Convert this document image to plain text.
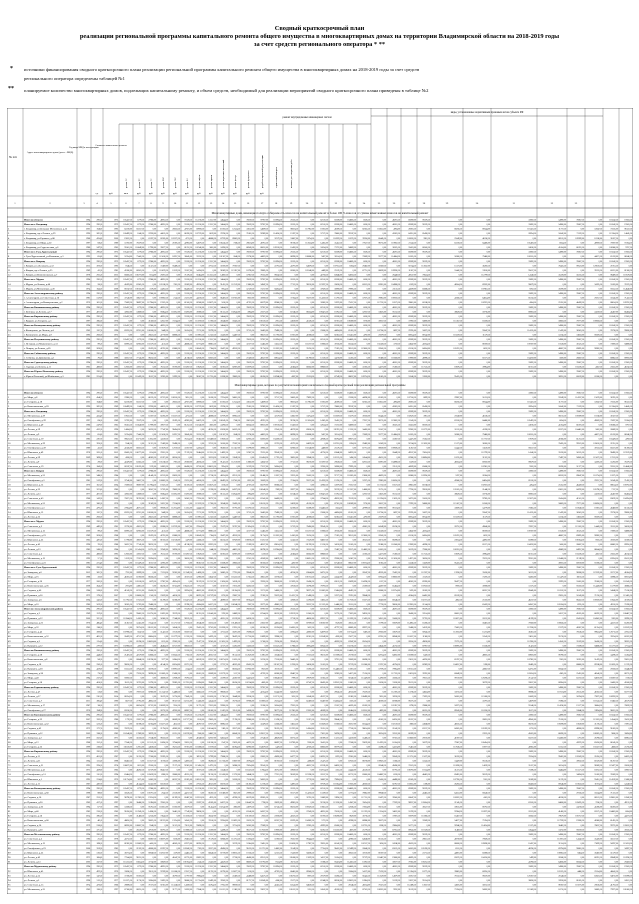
Сводный краткосрочный план
реализации региональной программы капитального ремонта общего имущества в многоквартирных домах на территории Владимирской области на 2018-2019 годы
за счет средств регионального оператора * **
* источники финансирования сводного краткосрочного плана реализации региональной программы капитального ремонта общего имущества в многоквартирных домах на 2018-2019 годы за счет средств
регионального оператора определены таблицей №1
** планируемое количество многоквартирных домов, подлежащих капитальному ремонту, и объем средств, необходимый для реализации мероприятий сводного краткосрочного плана приведены в таблице №2
№ п/п
Адрес многоквартирного дома (далее - МКД)
Год ввода МКД в эксплуатацию
Стоимость капитального ремонта
ремонт внутридомовых инженерных систем
виды, установленные нормативным правовым актом субъекта РФ
ремонт ЭС	ремонт ТС	ремонт ГС	ремонт ХВС	ремонт ГВС	ремонт ВО	ремонт лифтов	ремонт крыши	ремонт подвальных помещений	ремонт фасада	ремонт фундамента	разработка проектной документации	строительный контроль	плановая дата завершения работ
ед.	руб.	кв.м	руб.	руб.	руб.	руб.	руб.	руб.	руб.	руб.	руб.	руб.	руб.
1	2	3	4	5	6	7	8	9	10	11	12	13	14	15	16	17	18	19	20	21	22	23	24	25	26	27	28	29	30	31	32	33
Многоквартирные дома, имеющие полную собираемость взносов на капитальный ремонт и более 100 % взносов от суммы начисленных взносов на капитальный ремонт
Итого по области	1994	2903,0	1973 105437,50 6778,50 27866,00 48953,50	0,00 91128,50 112216,00 13557,00 34644,50	0,00	76819,50	97907,00 118994,50	20335,50	0,00	62510,50	83598,00 104685,50	6026,50	0,00	48201,50	69289,00	90376,50	0,00	0,00	33892,50	54980,00	76067,50	0,00	118242,50	19583,50
Итого по г. Владимир	1994	2903,0	1973 105437,50 6778,50 27866,00 48953,50	0,00 91128,50 112216,00 13557,00 34644,50	0,00	76819,50	97907,00 118994,50	20335,50	0,00	62510,50	83598,00 104685,50	6026,50	0,00	48201,50	69289,00	90376,50	0,00	0,00	33892,50	54980,00	76067,50	0,00	118242,50	19583,50
2	г. Владимир, ул.Большая Московская, д.12	2001	1048,0	1993	62230,00 83317,50	0,00	0,00 26833,50 47921,00 69008,50	0,00 111183,50 12524,50	33612,00	54699,50	0,00	96874,50	117962,00	19303,00	40390,50	0,00	82565,50	103653,00	4994,00	26081,50	0,00	68256,50	89344,00	110431,50	11772,50	0,00	53947,50	75035,00	96122,50
3	г. Владимир, пр-т Ленина, д.39	1990	2691,0	1969 100499,50 1840,50 22928,00 44015,50	0,00 86190,50 107278,00 8619,00 29706,50	0,00	71881,50	92969,00 114056,50	15397,50	0,00	57572,50	78660,00	99747,50	0,00	0,00	43263,50	64351,00	85438,50	0,00	0,00	28954,50	50042,00	71129,50	0,00	113304,50	14645,50
4	г. Владимир, ул.Горького, д.80	1966	4334,0	2000	19022,50	0,00 61197,50 82285,00 103372,50 4713,50	0,00 46888,50 67976,00 89063,50	0,00	0,00	32579,50	53667,00	74754,50	0,00 116929,50	18270,50	39358,00	60445,50	0,00	102620,50	3961,50	25049,00	46136,50	0,00	88311,50	109399,00	10740,00	31827,50	0,00
5	г. Владимир, ул.Мира, д.30	1997	836,0	1989	57292,00 78379,50	0,00	0,00 21895,50 42983,00 64070,50	0,00 106245,50 7586,50	28674,00	49761,50	0,00	91936,50	113024,00	14365,00	35452,50	0,00	77627,50	98715,00 119802,50	21143,50	0,00	63318,50	84406,00	105493,50	6834,50	0,00	49009,50	70097,00	91184,50
6	г. Владимир, ул.Студенческая, д.6	1986	2479,0	1965	95561,50 116649,00 17990,00 39077,50	0,00 81252,50 102340,00 3681,00 24768,50	0,00	66943,50	88031,00 109118,50	10459,50	0,00	52634,50	73722,00	94809,50	0,00	0,00	38325,50	59413,00	80500,50	0,00	0,00	24016,50	45104,00	66191,50	0,00	108366,50	9707,50
Итого по г. Гусь-Хрустальный	1994	2903,0	1973 105437,50 6778,50 27866,00 48953,50	0,00 91128,50 112216,00 13557,00 34644,50	0,00	76819,50	97907,00 118994,50	20335,50	0,00	62510,50	83598,00 104685,50	6026,50	0,00	48201,50	69289,00	90376,50	0,00	0,00	33892,50	54980,00	76067,50	0,00	118242,50	19583,50
8	г. Гусь-Хрустальный, ул.Калинина, д.3	1993	624,0	1985	52354,00 73441,50	0,00 115616,50 16957,50 38045,00 59132,50	0,00 101307,50 2648,50	23736,00	44823,50	0,00	86998,50	108086,00	9427,00	30514,50	0,00	72689,50	93777,00 114864,50	16205,50	0,00	58380,50	79468,00	100555,50	0,00	0,00	44071,50	65159,00	86246,50
Итого по г. Коврову	1994	2903,0	1973 105437,50 6778,50 27866,00 48953,50	0,00 91128,50 112216,00 13557,00 34644,50	0,00	76819,50	97907,00 118994,50	20335,50	0,00	62510,50	83598,00 104685,50	6026,50	0,00	48201,50	69289,00	90376,50	0,00	0,00	33892,50	54980,00	76067,50	0,00	118242,50	19583,50
10	г. Ковров, ул.Абельмана, д.12	2013	3910,0	1992	9146,50	0,00 51321,50 72409,00 93496,50	0,00	0,00 37012,50 58100,00 79187,50	0,00	0,00	22703,50	43791,00	64878,50	0,00 107053,50	8394,50	29482,00	50569,50	0,00	92744,50 113832,00	15173,00	36260,50	0,00	78435,50	99523,00	120610,50	21951,50	0,00
11	г. Ковров, пр-т Ленина, д.25	1989	412,0	1981	47416,00 68503,50	0,00 110678,50 12019,50 33107,00 54194,50	0,00 96369,50 117457,00	18798,00	39885,50	0,00	82060,50	103148,00	4489,00	25576,50	0,00	67751,50	88839,00 109926,50	11267,50	0,00	53442,50	74530,00	95617,50	0,00	0,00	39133,50	60221,00	81308,50
12	г. Ковров, ул.Комсомольская, д.7	1978	2055,0	2012	85685,50 106773,00	8114,00 29201,50	0,00 71376,50 92464,00 113551,50 14892,50	0,00	57067,50	78155,00	99242,50	0,00	0,00	42758,50	63846,00	84933,50	0,00	0,00	28449,50	49537,00	70624,50	0,00	112799,50	14140,50	35228,00	56315,50	0,00	98490,50 119578,00
Итого по г. Муром	1994	2903,0	1973 105437,50 6778,50 27866,00 48953,50	0,00 91128,50 112216,00 13557,00 34644,50	0,00	76819,50	97907,00 118994,50	20335,50	0,00	62510,50	83598,00 104685,50	6026,50	0,00	48201,50	69289,00	90376,50	0,00	0,00	33892,50	54980,00	76067,50	0,00	118242,50	19583,50
14	г. Муром, ул.Ленина, д.40	1985	200,0	1977	42478,00 63565,50	0,00 105740,50 7081,50 28169,00 49256,50	0,00 91431,50 112519,00	13860,00	34947,50	0,00	77122,50	98210,00 119297,50	20638,50	0,00	62813,50	83901,00 104988,50	6329,50	0,00	48504,50	69592,00	90679,50	0,00	0,00	34195,50	55283,00	76370,50
15	г. Муром, ул.Московская, д.20	1974	1843,0	2008	80747,50 101835,00 3176,00 24263,50	0,00 66438,50 87526,00 108613,50 9954,50	0,00	52129,50	73217,00	94304,50	0,00	0,00	37820,50	58908,00	79995,50	0,00	0,00	23511,50	44599,00	65686,50	0,00	107861,50	9202,50	30290,00	51377,50	0,00	93552,50 114640,00
Итого по Александровскому району	1994	2903,0	1973 105437,50 6778,50 27866,00 48953,50	0,00 91128,50 112216,00 13557,00 34644,50	0,00	76819,50	97907,00 118994,50	20335,50	0,00	62510,50	83598,00 104685,50	6026,50	0,00	48201,50	69289,00	90376,50	0,00	0,00	33892,50	54980,00	76067,50	0,00	118242,50	19583,50
17	г. Александров, ул.Советская, д.10	1981	5129,0	1973	37540,00 58627,50	0,00 100802,50 2143,50 23231,00 44318,50	0,00 86493,50 107581,00	8922,00	30009,50	0,00	72184,50	93272,00 114359,50	15700,50	0,00	57875,50	78963,00 100050,50	0,00	0,00	43566,50	64654,00	85741,50	0,00	0,00	29257,50	50345,00	71432,50
18	г. Александров, ул.Кольчугинская, д.2	1970	1631,0	2004	75809,50 96897,00 117984,50 19325,50	0,00 61500,50 82588,00 103675,50 5016,50	0,00	47191,50	68279,00	89366,50	0,00	0,00	32882,50	53970,00	75057,50	0,00	117232,50	18573,50	39661,00	60748,50	0,00	102923,50	4264,50	25352,00	46439,50	0,00	88614,50 109702,00
Итого по Вязниковскому району	1994	2903,0	1973 105437,50 6778,50 27866,00 48953,50	0,00 91128,50 112216,00 13557,00 34644,50	0,00	76819,50	97907,00 118994,50	20335,50	0,00	62510,50	83598,00 104685,50	6026,50	0,00	48201,50	69289,00	90376,50	0,00	0,00	33892,50	54980,00	76067,50	0,00	118242,50	19583,50
20	г. Вязники, ул.Ленина, д.17	1977	4917,0	1969	32602,00 53689,50	0,00 95864,50 116952,00 18293,00 39380,50	0,00 81555,50 102643,00	3984,00	25071,50	0,00	67246,50	88334,00 109421,50	10762,50	0,00	52937,50	74025,00	95112,50	0,00	0,00	38628,50	59716,00	80803,50	0,00	0,00	24319,50	45407,00	66494,50
Итого по Киржачскому району	1994	2903,0	1973 105437,50 6778,50 27866,00 48953,50	0,00 91128,50 112216,00 13557,00 34644,50	0,00	76819,50	97907,00 118994,50	20335,50	0,00	62510,50	83598,00 104685,50	6026,50	0,00	48201,50	69289,00	90376,50	0,00	0,00	33892,50	54980,00	76067,50	0,00	118242,50	19583,50
22	г. Киржач, ул.Гагарина, д.5	1997	3062,0	1976	0,00	0,00 31569,50 52657,00 73744,50	0,00 115919,50 17260,50 38348,00 59435,50	0,00 101610,50	2951,50	24039,00	45126,50	0,00	87301,50 108389,00	9730,00	30817,50	0,00	72992,50	94080,00	115167,50	16508,50	0,00	58683,50	79771,00	100858,50	0,00	0,00
Итого по Кольчугинскому району	1994	2903,0	1973 105437,50 6778,50 27866,00 48953,50	0,00 91128,50 112216,00 13557,00 34644,50	0,00	76819,50	97907,00 118994,50	20335,50	0,00	62510,50	83598,00 104685,50	6026,50	0,00	48201,50	69289,00	90376,50	0,00	0,00	33892,50	54980,00	76067,50	0,00	118242,50	19583,50
24	г. Кольчугино, ул.Ленина, д.4	1962	1207,0	1996	65933,50 87021,00 108108,50 9449,50	0,00 51624,50 72712,00 93799,50	0,00	0,00	37315,50	58403,00	79490,50	0,00	0,00	23006,50	44094,00	65181,50	0,00	107356,50	8697,50	29785,00	50872,50	0,00	93047,50	114135,00	15476,00	36563,50	0,00	78738,50	99826,00
25	г. Кольчугино, ул.Мира, д.9	1993	2850,0	1972	0,00	0,00 26631,50 47719,00 68806,50	0,00 110981,50 12322,50 33410,00 54497,50	0,00	96672,50 117760,00	19101,00	40188,50	0,00	82363,50 103451,00	4792,00	25879,50	0,00	68054,50	89142,00	110229,50	11570,50	0,00	53745,50	74833,00	95920,50	0,00	0,00
Итого по Петушинскому району	1994	2903,0	1973 105437,50 6778,50 27866,00 48953,50	0,00 91128,50 112216,00 13557,00 34644,50	0,00	76819,50	97907,00 118994,50	20335,50	0,00	62510,50	83598,00 104685,50	6026,50	0,00	48201,50	69289,00	90376,50	0,00	0,00	33892,50	54980,00	76067,50	0,00	118242,50	19583,50
27	г. Петушки, ул.Маяковского, д.13	2000	995,0	1992	60995,50 82083,00 103170,50	4511,50	0,00 46686,50 67774,00 88861,50	0,00	0,00	32377,50	53465,00	74552,50	0,00	116727,50	18068,50	39156,00	60243,50	0,00	102418,50	3759,50	24847,00	45934,50	0,00	88109,50	109197,00	10538,00	31625,50	0,00	73800,50	94888,00
28	г. Покров, ул.Ленина, д.85	1989	2638,0	1968	0,00	0,00 21693,50 42781,00 63868,50	0,00 106043,50 7384,50 28472,00 49559,50	0,00	91734,50 112822,00	14163,00	35250,50	0,00	77425,50	98513,00 119600,50	20941,50	0,00	63116,50	84204,00	105291,50	6632,50	0,00	48807,50	69895,00	90982,50	0,00	0,00
Итого по Собинскому району	1994	2903,0	1973 105437,50 6778,50 27866,00 48953,50	0,00 91128,50 112216,00 13557,00 34644,50	0,00	76819,50	97907,00 118994,50	20335,50	0,00	62510,50	83598,00 104685,50	6026,50	0,00	48201,50	69289,00	90376,50	0,00	0,00	33892,50	54980,00	76067,50	0,00	118242,50	19583,50
30	г. Собинка, ул.Димитрова, д.1	1996	783,0	1988	56057,50 77145,00 98232,50	0,00	0,00 41748,50 62836,00 83923,50	0,00	0,00	27439,50	48527,00	69614,50	0,00	111789,50	13130,50	34218,00	55305,50	0,00	97480,50 118568,00	19909,00	40996,50	0,00	83171,50	104259,00	5600,00	26687,50	0,00	68862,50	89950,00
Итого по Судогодскому району	1994	2903,0	1973 105437,50 6778,50 27866,00 48953,50	0,00 91128,50 112216,00 13557,00 34644,50	0,00	76819,50	97907,00 118994,50	20335,50	0,00	62510,50	83598,00 104685,50	6026,50	0,00	48201,50	69289,00	90376,50	0,00	0,00	33892,50	54980,00	76067,50	0,00	118242,50	19583,50
32	г. Судогда, ул.Ленина, д.11	1961	4069,0	1995	12850,00 33937,50	0,00 76112,50 97200,00 118287,50 19628,50	0,00 61803,50 82891,00 103978,50	5319,50	0,00	47494,50	68582,00	89669,50	0,00	0,00	33185,50	54273,00	75360,50	0,00 117535,50	18876,50	39964,00	61051,50	0,00	103226,50	4567,50	25655,00	46742,50
Итого по Юрьев-Польскому району	1994	2903,0	1973 105437,50 6778,50 27866,00 48953,50	0,00 91128,50 112216,00 13557,00 34644,50	0,00	76819,50	97907,00 118994,50	20335,50	0,00	62510,50	83598,00 104685,50	6026,50	0,00	48201,50	69289,00	90376,50	0,00	0,00	33892,50	54980,00	76067,50	0,00	118242,50	19583,50
34	г. Юрьев-Польский, ул.Шибанкова, д.3	1981	2214,0	1960	0,00 110476,50 11817,50 32905,00 53992,50	0,00 96167,50 117255,00 18596,00 39683,50	0,00	81858,50 102946,00	4287,00	25374,50	0,00	67549,50	88637,00 109724,50	11065,50	0,00	53240,50	74328,00	95415,50	0,00	0,00	38931,50	60019,00	81106,50	0,00	0,00
Многоквартирные дома, которые по результатам мониторинга включены в сводный краткосрочный план реализации региональной программы
Итого по области	1994	2903,0	1973 105437,50 6778,50 27866,00 48953,50	0,00 91128,50 112216,00 13557,00 34644,50	0,00	76819,50	97907,00 118994,50	20335,50	0,00	62510,50	83598,00 104685,50	6026,50	0,00	48201,50	69289,00	90376,50	0,00	0,00	33892,50	54980,00	76067,50	0,00	118242,50	19583,50
1	ул. Мира, д.8	1970	4546,0	1962	23960,50	0,00 66135,50 87223,00 108310,50 9651,50	0,00 51826,50 72914,00 94001,50	0,00	0,00	37517,50	58605,00	79692,50	0,00	0,00	23208,50	44296,00	65383,50	0,00	107558,50	8899,50	29987,00	51074,50	0,00	93249,50	114337,00	15678,00	36765,50	0,00
2	ул. Гагарина, д.18	2001	1048,0	1993	62230,00 83317,50	0,00	0,00 26833,50 47921,00 69008,50	0,00 111183,50 12524,50	33612,00	54699,50	0,00	96874,50	117962,00	19303,00	40390,50	0,00	82565,50	103653,00	4994,00	26081,50	0,00	68256,50	89344,00	110431,50	11772,50	0,00	53947,50	75035,00	96122,50
3	ул. Комсомольская, д.28	1990	2691,0	1969 100499,50 1840,50 22928,00 44015,50	0,00 86190,50 107278,00 8619,00 29706,50	0,00	71881,50	92969,00 114056,50	15397,50	0,00	57572,50	78660,00	99747,50	0,00	0,00	43263,50	64351,00	85438,50	0,00	0,00	28954,50	50042,00	71129,50	0,00	113304,50	14645,50
Итого по г. Владимир	1994	2903,0	1973 105437,50 6778,50 27866,00 48953,50	0,00 91128,50 112216,00 13557,00 34644,50	0,00	76819,50	97907,00 118994,50	20335,50	0,00	62510,50	83598,00 104685,50	6026,50	0,00	48201,50	69289,00	90376,50	0,00	0,00	33892,50	54980,00	76067,50	0,00	118242,50	19583,50
4	ул. Московская, д.29	1966	4334,0	2000	19022,50	0,00 61197,50 82285,00 103372,50 4713,50	0,00 46888,50 67976,00 89063,50	0,00	0,00	32579,50	53667,00	74754,50	0,00 116929,50	18270,50	39358,00	60445,50	0,00	102620,50	3961,50	25049,00	46136,50	0,00	88311,50	109399,00	10740,00	31827,50	0,00
5	ул. Октябрьская, д.39	1997	836,0	1989	57292,00 78379,50	0,00	0,00 21895,50 42983,00 64070,50	0,00 106245,50 7586,50	28674,00	49761,50	0,00	91936,50	113024,00	14365,00	35452,50	0,00	77627,50	98715,00 119802,50	21143,50	0,00	63318,50	84406,00	105493,50	6834,50	0,00	49009,50	70097,00	91184,50
6	ул. Школьная, д.49	1986	2479,0	1965	95561,50 116649,00 17990,00 39077,50	0,00 81252,50 102340,00 3681,00 24768,50	0,00	66943,50	88031,00 109118,50	10459,50	0,00	52634,50	73722,00	94809,50	0,00	0,00	38325,50	59413,00	80500,50	0,00	0,00	24016,50	45104,00	66191,50	0,00	108366,50	9707,50
7	ул. Лесная, д.59	1962	4122,0	1996	14084,50	0,00 56259,50 77347,00 98434,50	0,00	0,00 41950,50 63038,00 84125,50	0,00	0,00	27641,50	48729,00	69816,50	0,00	111991,50	13332,50	34420,00	55507,50	0,00	97682,50 118770,00	20111,00	41198,50	0,00	83373,50	104461,00	5802,00	26889,50	0,00
8	ул. Ленина, д.9	1993	624,0	1985	52354,00 73441,50	0,00 115616,50 16957,50 38045,00 59132,50	0,00 101307,50 2648,50	23736,00	44823,50	0,00	86998,50	108086,00	9427,00	30514,50	0,00	72689,50	93777,00 114864,50	16205,50	0,00	58380,50	79468,00	100555,50	0,00	0,00	44071,50	65159,00	86246,50
9	ул. Советская, д.19	1982	2267,0	1961	90623,50 111711,00 13052,00 34139,50	0,00 76314,50 97402,00 118489,50 19830,50	0,00	62005,50	83093,00 104180,50	5521,50	0,00	47696,50	68784,00	89871,50	0,00	0,00	33387,50	54475,00	75562,50	0,00	117737,50	19078,50	40166,00	61253,50	0,00	103428,50	4769,50
10	ул. Московская, д.29	2013	3910,0	1992	9146,50	0,00 51321,50 72409,00 93496,50	0,00	0,00 37012,50 58100,00 79187,50	0,00	0,00	22703,50	43791,00	64878,50	0,00 107053,50	8394,50	29482,00	50569,50	0,00	92744,50 113832,00	15173,00	36260,50	0,00	78435,50	99523,00	120610,50	21951,50	0,00
11	ул. Октябрьская, д.39	1989	412,0	1981	47416,00 68503,50	0,00 110678,50 12019,50 33107,00 54194,50	0,00 96369,50 117457,00	18798,00	39885,50	0,00	82060,50	103148,00	4489,00	25576,50	0,00	67751,50	88839,00 109926,50	11267,50	0,00	53442,50	74530,00	95617,50	0,00	0,00	39133,50	60221,00	81308,50
12	ул. Школьная, д.49	1978	2055,0	2012	85685,50 106773,00	8114,00 29201,50	0,00 71376,50 92464,00 113551,50 14892,50	0,00	57067,50	78155,00	99242,50	0,00	0,00	42758,50	63846,00	84933,50	0,00	0,00	28449,50	49537,00	70624,50	0,00	112799,50	14140,50	35228,00	56315,50	0,00	98490,50 119578,00
13	ул. Лесная, д.59	2009	3698,0	1988	4208,50	0,00 46383,50 67471,00 88558,50	0,00	0,00 32074,50 53162,00 74249,50	0,00 116424,50	17765,50	38853,00	59940,50	0,00 102115,50	3456,50	24544,00	45631,50	0,00	87806,50 108894,00	10235,00	31322,50	0,00	73497,50	94585,00	115672,50	17013,50	0,00
14	ул. Ленина, д.9	1985	200,0	1977	42478,00 63565,50	0,00 105740,50 7081,50 28169,00 49256,50	0,00 91431,50 112519,00	13860,00	34947,50	0,00	77122,50	98210,00 119297,50	20638,50	0,00	62813,50	83901,00 104988,50	6329,50	0,00	48504,50	69592,00	90679,50	0,00	0,00	34195,50	55283,00	76370,50
15	ул. Советская, д.19	1974	1843,0	2008	80747,50 101835,00 3176,00 24263,50	0,00 66438,50 87526,00 108613,50 9954,50	0,00	52129,50	73217,00	94304,50	0,00	0,00	37820,50	58908,00	79995,50	0,00	0,00	23511,50	44599,00	65686,50	0,00	107861,50	9202,50	30290,00	51377,50	0,00	93552,50 114640,00
Итого по г. Ковров	1994	2903,0	1973 105437,50 6778,50 27866,00 48953,50	0,00 91128,50 112216,00 13557,00 34644,50	0,00	76819,50	97907,00 118994,50	20335,50	0,00	62510,50	83598,00 104685,50	6026,50	0,00	48201,50	69289,00	90376,50	0,00	0,00	33892,50	54980,00	76067,50	0,00	118242,50	19583,50
16	ул. Московская, д.53	2005	3486,0	1984	0,00	0,00 41445,50 62533,00 83620,50	0,00	0,00 27136,50 48224,00 69311,50	0,00	111486,50	12827,50	33915,00	55002,50	0,00	97177,50 118265,00	19606,00	40693,50	0,00	82868,50 103956,00	5297,00	26384,50	0,00	68559,50	89647,00	110734,50	12075,50	0,00
17	ул. Октябрьская, д.3	1981	5129,0	1973	37540,00 58627,50	0,00 100802,50 2143,50 23231,00 44318,50	0,00 86493,50 107581,00	8922,00	30009,50	0,00	72184,50	93272,00 114359,50	15700,50	0,00	57875,50	78963,00 100050,50	0,00	0,00	43566,50	64654,00	85741,50	0,00	0,00	29257,50	50345,00	71432,50
18	ул. Школьная, д.13	1970	1631,0	2004	75809,50 96897,00 117984,50 19325,50	0,00 61500,50 82588,00 103675,50 5016,50	0,00	47191,50	68279,00	89366,50	0,00	0,00	32882,50	53970,00	75057,50	0,00	117232,50	18573,50	39661,00	60748,50	0,00	102923,50	4264,50	25352,00	46439,50	0,00	88614,50 109702,00
19	ул. Лесная, д.23	2001	3274,0	1980	0,00	0,00 36507,50 57595,00 78682,50	0,00	0,00 22198,50 43286,00 64373,50	0,00 106548,50	7889,50	28977,00	50064,50	0,00	92239,50 113327,00	14668,00	35755,50	0,00	77930,50	99018,00	120105,50	21446,50	0,00	63621,50	84709,00	105796,50	7137,50	0,00
20	ул. Ленина, д.33	1977	4917,0	1969	32602,00 53689,50	0,00 95864,50 116952,00 18293,00 39380,50	0,00 81555,50 102643,00	3984,00	25071,50	0,00	67246,50	88334,00 109421,50	10762,50	0,00	52937,50	74025,00	95112,50	0,00	0,00	38628,50	59716,00	80803,50	0,00	0,00	24319,50	45407,00	66494,50
21	ул. Советская, д.43	1966	1419,0	2000	70871,50 91959,00 113046,50 14387,50	0,00 56562,50 77650,00 98737,50	0,00	0,00	42253,50	63341,00	84428,50	0,00	0,00	27944,50	49032,00	70119,50	0,00	112294,50	13635,50	34723,00	55810,50	0,00	97985,50	119073,00	20414,00	41501,50	0,00	83676,50 104764,00
22	ул. Московская, д.53	1997	3062,0	1976	0,00	0,00 31569,50 52657,00 73744,50	0,00 115919,50 17260,50 38348,00 59435,50	0,00 101610,50	2951,50	24039,00	45126,50	0,00	87301,50 108389,00	9730,00	30817,50	0,00	72992,50	94080,00	115167,50	16508,50	0,00	58683,50	79771,00	100858,50	0,00	0,00
23	ул. Октябрьская, д.3	1973	4705,0	1965	27664,00 48751,50	0,00 90926,50 112014,00 13355,00 34442,50	0,00 76617,50 97705,00 118792,50	20133,50	0,00	62308,50	83396,00 104483,50	5824,50	0,00	47999,50	69087,00	90174,50	0,00	0,00	33690,50	54778,00	75865,50	0,00	118040,50	19381,50	40469,00	61556,50
24	ул. Школьная, д.13	1962	1207,0	1996	65933,50 87021,00 108108,50 9449,50	0,00 51624,50 72712,00 93799,50	0,00	0,00	37315,50	58403,00	79490,50	0,00	0,00	23006,50	44094,00	65181,50	0,00	107356,50	8697,50	29785,00	50872,50	0,00	93047,50	114135,00	15476,00	36563,50	0,00	78738,50	99826,00
25	ул. Лесная, д.23	1993	2850,0	1972	0,00	0,00 26631,50 47719,00 68806,50	0,00 110981,50 12322,50 33410,00 54497,50	0,00	96672,50 117760,00	19101,00	40188,50	0,00	82363,50 103451,00	4792,00	25879,50	0,00	68054,50	89142,00	110229,50	11570,50	0,00	53745,50	74833,00	95920,50	0,00	0,00
Итого по г. Муром	1994	2903,0	1973 105437,50 6778,50 27866,00 48953,50	0,00 91128,50 112216,00 13557,00 34644,50	0,00	76819,50	97907,00 118994,50	20335,50	0,00	62510,50	83598,00 104685,50	6026,50	0,00	48201,50	69289,00	90376,50	0,00	0,00	33892,50	54980,00	76067,50	0,00	118242,50	19583,50
26	ул. Советская, д.3	1969	4493,0	1961	22726,00 43813,50	0,00 85988,50 107076,00 8417,00 29504,50	0,00 71679,50 92767,00 113854,50	15195,50	0,00	57370,50	78458,00	99545,50	0,00	0,00	43061,50	64149,00	85236,50	0,00	0,00	28752,50	49840,00	70927,50	0,00	113102,50	14443,50	35531,00	56618,50
27	ул. Московская, д.13	2000	995,0	1992	60995,50 82083,00 103170,50	4511,50	0,00 46686,50 67774,00 88861,50	0,00	0,00	32377,50	53465,00	74552,50	0,00	116727,50	18068,50	39156,00	60243,50	0,00	102418,50	3759,50	24847,00	45934,50	0,00	88109,50	109197,00	10538,00	31625,50	0,00	73800,50	94888,00
28	ул. Октябрьская, д.23	1989	2638,0	1968	0,00	0,00 21693,50 42781,00 63868,50	0,00 106043,50 7384,50 28472,00 49559,50	0,00	91734,50 112822,00	14163,00	35250,50	0,00	77425,50	98513,00 119600,50	20941,50	0,00	63116,50	84204,00	105291,50	6632,50	0,00	48807,50	69895,00	90982,50	0,00	0,00
29	ул. Школьная, д.33	1965	4281,0	1999	17788,00 38875,50	0,00 81050,50 102138,00 3479,00 24566,50	0,00 66741,50 87829,00 108916,50	10257,50	0,00	52432,50	73520,00	94607,50	0,00	0,00	38123,50	59211,00	80298,50	0,00	0,00	23814,50	44902,00	65989,50	0,00	108164,50	9505,50	30593,00	51680,50
30	ул. Лесная, д.43	1996	783,0	1988	56057,50 77145,00 98232,50	0,00	0,00 41748,50 62836,00 83923,50	0,00	0,00	27439,50	48527,00	69614,50	0,00	111789,50	13130,50	34218,00	55305,50	0,00	97480,50 118568,00	19909,00	40996,50	0,00	83171,50	104259,00	5600,00	26687,50	0,00	68862,50	89950,00
31	ул. Ленина, д.53	1985	2426,0	1964	0,00 115414,50 16755,50 37843,00 58930,50	0,00 101105,50 2446,50 23534,00 44621,50	0,00	86796,50 107884,00	9225,00	30312,50	0,00	72487,50	93575,00 114662,50	16003,50	0,00	58178,50	79266,00	100353,50	0,00	0,00	43869,50	64957,00	86044,50	0,00	0,00
32	ул. Советская, д.3	1961	4069,0	1995	12850,00 33937,50	0,00 76112,50 97200,00 118287,50 19628,50	0,00 61803,50 82891,00 103978,50	5319,50	0,00	47494,50	68582,00	89669,50	0,00	0,00	33185,50	54273,00	75360,50	0,00 117535,50	18876,50	39964,00	61051,50	0,00	103226,50	4567,50	25655,00	46742,50
33	ул. Московская, д.13	1992	571,0	1984	51119,50 72207,00 93294,50	0,00	0,00 36810,50 57898,00 78985,50	0,00	0,00	22501,50	43589,00	64676,50	0,00	106851,50	8192,50	29280,00	50367,50	0,00	92542,50 113630,00	14971,00	36058,50	0,00	78233,50	99321,00	120408,50	21749,50	0,00	63924,50	85012,00
34	ул. Октябрьская, д.23	1981	2214,0	1960	0,00 110476,50 11817,50 32905,00 53992,50	0,00 96167,50 117255,00 18596,00 39683,50	0,00	81858,50 102946,00	4287,00	25374,50	0,00	67549,50	88637,00 109724,50	11065,50	0,00	53240,50	74328,00	95415,50	0,00	0,00	38931,50	60019,00	81106,50	0,00	0,00
Итого по г. Гусь-Хрустальный	1994	2903,0	1973 105437,50 6778,50 27866,00 48953,50	0,00 91128,50 112216,00 13557,00 34644,50	0,00	76819,50	97907,00 118994,50	20335,50	0,00	62510,50	83598,00 104685,50	6026,50	0,00	48201,50	69289,00	90376,50	0,00	0,00	33892,50	54980,00	76067,50	0,00	118242,50	19583,50
35	ул. Заводская, д.6	2012	3857,0	1991	7912,00 28999,50	0,00 71174,50 92262,00 113349,50 14690,50	0,00 56865,50 77953,00	99040,50	0,00	0,00	42556,50	63644,00	84731,50	0,00	0,00	28247,50	49335,00	70422,50	0,00 112597,50	13938,50	35026,00	56113,50	0,00	98288,50	119376,00	20717,00	41804,50
36	ул. Мира, д.16	1988	359,0	1980	46181,50 67269,00 88356,50	0,00	0,00 31872,50 52960,00 74047,50	0,00 116222,50	17563,50	38651,00	59738,50	0,00	101913,50	3254,50	24342,00	45429,50	0,00	87604,50 108692,00	10033,00	31120,50	0,00	73295,50	94383,00	115470,50	16811,50	0,00	58986,50	80074,00
37	ул. Гагарина, д.26	1977	2002,0	2011	0,00 105538,50 6879,50 27967,00 49054,50	0,00 91229,50 112317,00 13658,00 34745,50	0,00	76920,50	98008,00	119095,50	20436,50	0,00	62611,50	83699,00 104786,50	6127,50	0,00	48302,50	69390,00	90477,50	0,00	0,00	33993,50	55081,00	76168,50	0,00 118343,50
38	ул. Комсомольская, д.36	2008	3645,0	1987	2974,00 24061,50	0,00 66236,50 87324,00 108411,50 9752,50	0,00 51927,50 73015,00	94102,50	0,00	0,00	37618,50	58706,00	79793,50	0,00	0,00	23309,50	44397,00	65484,50	0,00 107659,50	9000,50	30088,00	51175,50	0,00	93350,50	114438,00	15779,00	36866,50
39	ул. Садовая, д.46	1984	5288,0	1976	41243,50 62331,00 83418,50	0,00	0,00 26934,50 48022,00 69109,50	0,00 111284,50	12625,50	33713,00	54800,50	0,00	96975,50 118063,00	19404,00	40491,50	0,00	82666,50 103754,00	5095,00	26182,50	0,00	68357,50	89445,00	110532,50	11873,50	0,00	54048,50	75136,00
40	ул. Пушкина, д.56	1973	1790,0	2007	0,00 100600,50 1941,50 23029,00 44116,50	0,00 86291,50 107379,00 8720,00 29807,50	0,00	71982,50	93070,00	114157,50	15498,50	0,00	57673,50	78761,00	99848,50	0,00	0,00	43364,50	64452,00	85539,50	0,00	0,00	29055,50	50143,00	71230,50	0,00 113405,50
41	ул. Заводская, д.6	2004	3433,0	1983 117782,50 19123,50	0,00 61298,50 82386,00 103473,50 4814,50	0,00 46989,50 68077,00	89164,50	0,00	0,00	32680,50	53768,00	74855,50	0,00 117030,50	18371,50	39459,00	60546,50	0,00 102721,50	4062,50	25150,00	46237,50	0,00	88412,50	109500,00	10841,00	31928,50
42	ул. Мира, д.16	1980	5076,0	1972	36305,50 57393,00 78480,50	0,00	0,00 21996,50 43084,00 64171,50	0,00 106346,50	7687,50	28775,00	49862,50	0,00	92037,50 113125,00	14466,00	35553,50	0,00	77728,50	98816,00	119903,50	21244,50	0,00	63419,50	84507,00	105594,50	6935,50	0,00	49110,50	70198,00
Итого по Александровскому району	1994	2903,0	1973 105437,50 6778,50 27866,00 48953,50	0,00 91128,50 112216,00 13557,00 34644,50	0,00	76819,50	97907,00 118994,50	20335,50	0,00	62510,50	83598,00 104685,50	6026,50	0,00	48201,50	69289,00	90376,50	0,00	0,00	33892,50	54980,00	76067,50	0,00	118242,50	19583,50
43	ул. Садовая, д.2	1969	1578,0	2003	0,00 95662,50 116750,00 18091,00 39178,50	0,00 81353,50 102441,00 3782,00 24869,50	0,00	67044,50	88132,00	109219,50	10560,50	0,00	52735,50	73823,00	94910,50	0,00	0,00	38426,50	59514,00	80601,50	0,00	0,00	24117,50	45205,00	66292,50	0,00 108467,50
44	ул. Пушкина, д.12	2000	3221,0	1979 112844,50 14185,50	0,00 56360,50 77448,00 98535,50	0,00	0,00 42051,50 63139,00	84226,50	0,00	0,00	27742,50	48830,00	69917,50	0,00 112092,50	13433,50	34521,00	55608,50	0,00	97783,50	118871,00	20212,00	41299,50	0,00	83474,50	104562,00	5903,00	26990,50
45	ул. Заводская, д.22	1976	4864,0	1968	31367,50 52455,00 73542,50	0,00 115717,50 17058,50 38146,00 59233,50	0,00 101408,50	2749,50	23837,00	44924,50	0,00	87099,50 108187,00	9528,00	30615,50	0,00	72790,50	93878,00	114965,50	16306,50	0,00	58481,50	79569,00	100656,50	0,00	0,00	44172,50	65260,00
46	ул. Мира, д.32	1965	1366,0	1999	0,00 90724,50 111812,00 13153,00 34240,50	0,00 76415,50 97503,00 118590,50 19931,50	0,00	62106,50	83194,00	104281,50	5622,50	0,00	47797,50	68885,00	89972,50	0,00	0,00	33488,50	54576,00	75663,50	0,00	117838,50	19179,50	40267,00	61354,50	0,00 103529,50
47	ул. Гагарина, д.42	1996	3009,0	1975 107906,50 9247,50	0,00 51422,50 72510,00 93597,50	0,00	0,00 37113,50 58201,00	79288,50	0,00	0,00	22804,50	43892,00	64979,50	0,00 107154,50	8495,50	29583,00	50670,50	0,00	92845,50	113933,00	15274,00	36361,50	0,00	78536,50	99624,00	120711,50	22052,50
48	ул. Комсомольская, д.52	1972	4652,0	1964	26429,50 47517,00 68604,50	0,00 110779,50 12120,50 33208,00 54295,50	0,00 96470,50 117558,00	18899,00	39986,50	0,00	82161,50 103249,00	4590,00	25677,50	0,00	67852,50	88940,00	110027,50	11368,50	0,00	53543,50	74631,00	95718,50	0,00	0,00	39234,50	60322,00
49	ул. Садовая, д.2	1961	1154,0	1995	0,00 85786,50 106874,00 8215,00 29302,50	0,00 71477,50 92565,00 113652,50 14993,50	0,00	57168,50	78256,00	99343,50	0,00	0,00	42859,50	63947,00	85034,50	0,00	0,00	28550,50	49638,00	70725,50	0,00	112900,50	14241,50	35329,00	56416,50	0,00	98591,50
50	ул. Пушкина, д.12	1992	2797,0	1971 102968,50 4309,50	0,00 46484,50 67572,00 88659,50	0,00	0,00 32175,50 53263,00	74350,50	0,00 116525,50	17866,50	38954,00	60041,50	0,00 102216,50	3557,50	24645,00	45732,50	0,00	87907,50	108995,00	10336,00	31423,50	0,00	73598,50	94686,00	115773,50	17114,50
Итого по Вязниковскому району	1994	2903,0	1973 105437,50 6778,50 27866,00 48953,50	0,00 91128,50 112216,00 13557,00 34644,50	0,00	76819,50	97907,00 118994,50	20335,50	0,00	62510,50	83598,00 104685,50	6026,50	0,00	48201,50	69289,00	90376,50	0,00	0,00	33892,50	54980,00	76067,50	0,00	118242,50	19583,50
51	ул. Гагарина, д.58	1968	4440,0	1960	21491,50 42579,00 63666,50	0,00 105841,50 7182,50 28270,00 49357,50	0,00 91532,50 112620,00	13961,00	35048,50	0,00	77223,50	98311,00 119398,50	20739,50	0,00	62914,50	84002,00	105089,50	6430,50	0,00	48605,50	69693,00	90780,50	0,00	0,00	34296,50	55384,00
52	ул. Комсомольская, д.8	1999	942,0	1991	0,00 80848,50 101936,00 3277,00 24364,50	0,00 66539,50 87627,00 108714,50 10055,50	0,00	52230,50	73318,00	94405,50	0,00	0,00	37921,50	59009,00	80096,50	0,00	0,00	23612,50	44700,00	65787,50	0,00	107962,50	9303,50	30391,00	51478,50	0,00	93653,50
53	ул. Садовая, д.18	1988	2585,0	1967	98030,50	0,00	0,00 41546,50 62634,00 83721,50	0,00	0,00 27237,50 48325,00	69412,50	0,00	111587,50	12928,50	34016,00	55103,50	0,00	97278,50 118366,00	19707,00	40794,50	0,00	82969,50	104057,00	5398,00	26485,50	0,00	68660,50	89748,00	110835,50	12176,50
54	ул. Пушкина, д.28	1964	4228,0	1998	16553,50 37641,00 58728,50	0,00 100903,50 2244,50 23332,00 44419,50	0,00 86594,50 107682,00	9023,00	30110,50	0,00	72285,50	93373,00 114460,50	15801,50	0,00	57976,50	79064,00	100151,50	0,00	0,00	43667,50	64755,00	85842,50	0,00	0,00	29358,50	50446,00
55	ул. Заводская, д.38	1995	730,0	1987	0,00 75910,50 96998,00 118085,50 19426,50	0,00 61601,50 82689,00 103776,50	5117,50	0,00	47292,50	68380,00	89467,50	0,00	0,00	32983,50	54071,00	75158,50	0,00 117333,50	18674,50	39762,00	60849,50	0,00	103024,50	4365,50	25453,00	46540,50	0,00	88715,50
56	ул. Мира, д.48	1984	2373,0	1963	93092,50	0,00	0,00 36608,50 57696,00 78783,50	0,00	0,00 22299,50 43387,00	64474,50	0,00 106649,50	7990,50	29078,00	50165,50	0,00	92340,50 113428,00	14769,00	35856,50	0,00	78031,50	99119,00	120206,50	21547,50	0,00	63722,50	84810,00	105897,50	7238,50
57	ул. Гагарина, д.58	1960	4016,0	1994	11615,50 32703,00 53790,50	0,00 95965,50 117053,00 18394,00 39481,50	0,00 81656,50 102744,00	4085,00	25172,50	0,00	67347,50	88435,00 109522,50	10863,50	0,00	53038,50	74126,00	95213,50	0,00	0,00	38729,50	59817,00	80904,50	0,00	0,00	24420,50	45508,00
Итого по Гороховецкому району	1994	2903,0	1973 105437,50 6778,50 27866,00 48953,50	0,00 91128,50 112216,00 13557,00 34644,50	0,00	76819,50	97907,00 118994,50	20335,50	0,00	62510,50	83598,00 104685,50	6026,50	0,00	48201,50	69289,00	90376,50	0,00	0,00	33892,50	54980,00	76067,50	0,00	118242,50	19583,50
58	ул. Лесная, д.47	1991	518,0	1983	0,00 70972,50 92060,00 113147,50 14488,50	0,00 56663,50 77751,00 98838,50	0,00	0,00	42354,50	63442,00	84529,50	0,00	0,00	28045,50	49133,00	70220,50	0,00 112395,50	13736,50	34824,00	55911,50	0,00	98086,50	119174,00	20515,00	41602,50	0,00	83777,50
59	ул. Ленина, д.57	1980	2161,0	2014	88154,50	0,00	0,00 31670,50 52758,00 73845,50	0,00 116020,50 17361,50 38449,00	59536,50	0,00 101711,50	3052,50	24140,00	45227,50	0,00	87402,50 108490,00	9831,00	30918,50	0,00	73093,50	94181,00	115268,50	16609,50	0,00	58784,50	79872,00	100959,50	0,00
60	ул. Советская, д.7	2011	3804,0	1990	6677,50 27765,00 48852,50	0,00 91027,50 112115,00 13456,00 34543,50	0,00 76718,50	97806,00 118893,50	20234,50	0,00	62409,50	83497,00 104584,50	5925,50	0,00	48100,50	69188,00	90275,50	0,00	0,00	33791,50	54879,00	75966,50	0,00	118141,50	19482,50	40570,00
61	ул. Московская, д.17	1987	306,0	1979	0,00 66034,50 87122,00 108209,50 9550,50	0,00 51725,50 72813,00 93900,50	0,00	0,00	37416,50	58504,00	79591,50	0,00	0,00	23107,50	44195,00	65282,50	0,00 107457,50	8798,50	29886,00	50973,50	0,00	93148,50	114236,00	15577,00	36664,50	0,00	78839,50
62	ул. Октябрьская, д.27	1976	1949,0	2010	83216,50	0,00	0,00 26732,50 47820,00 68907,50	0,00 111082,50 12423,50 33511,00	54598,50	0,00	96773,50	117861,00	19202,00	40289,50	0,00	82464,50 103552,00	4893,00	25980,50	0,00	68155,50	89243,00	110330,50	11671,50	0,00	53846,50	74934,00	96021,50	0,00
Итого по Камешковскому району	1994	2903,0	1973 105437,50 6778,50 27866,00 48953,50	0,00 91128,50 112216,00 13557,00 34644,50	0,00	76819,50	97907,00 118994,50	20335,50	0,00	62510,50	83598,00 104685,50	6026,50	0,00	48201,50	69289,00	90376,50	0,00	0,00	33892,50	54980,00	76067,50	0,00	118242,50	19583,50
63	ул. Гагарина, д.22	2007	3592,0	1986	1739,50 22827,00 43914,50	0,00 86089,50 107177,00 8518,00 29605,50	0,00 71780,50	92868,00 113955,50	15296,50	0,00	57471,50	78559,00	99646,50	0,00	0,00	43162,50	64250,00	85337,50	0,00	0,00	28853,50	49941,00	71028,50	0,00	113203,50	14544,50	35632,00
64	ул. Комсомольская, д.32	1983	5235,0	1975	0,00 61096,50 82184,00 103271,50 4612,50	0,00 46787,50 67875,00 88962,50	0,00	0,00	32478,50	53566,00	74653,50	0,00 116828,50	18169,50	39257,00	60344,50	0,00 102519,50	3860,50	24948,00	46035,50	0,00	88210,50	109298,00	10639,00	31726,50	0,00	73901,50
65	ул. Садовая, д.42	1972	1737,0	2006	78278,50	0,00	0,00 21794,50 42882,00 63969,50	0,00 106144,50 7485,50 28573,00	49660,50	0,00	91835,50	112923,00	14264,00	35351,50	0,00	77526,50	98614,00	119701,50	21042,50	0,00	63217,50	84305,00	105392,50	6733,50	0,00	48908,50	69996,00	91083,50	0,00
66	ул. Пушкина, д.52	2003	3380,0	1982 116548,00 17889,00 38976,50	0,00 81151,50 102239,00 3580,00 24667,50	0,00 66842,50	87930,00 109017,50	10358,50	0,00	52533,50	73621,00	94708,50	0,00	0,00	38224,50	59312,00	80399,50	0,00	0,00	23915,50	45003,00	66090,50	0,00	108265,50	9606,50	30694,00
67	ул. Заводская, д.2	1979	5023,0	1971	0,00 56158,50 77246,00 98333,50	0,00	0,00 41849,50 62937,00 84024,50	0,00	0,00	27540,50	48628,00	69715,50	0,00	111890,50	13231,50	34319,00	55406,50	0,00	97581,50	118669,00	20010,00	41097,50	0,00	83272,50	104360,00	5701,00	26788,50	0,00	68963,50
68	ул. Мира, д.12	1968	1525,0	2002	73340,50	0,00 115515,50 16856,50 37944,00 59031,50	0,00 101206,50 2547,50 23635,00	44722,50	0,00	86897,50	107985,00	9326,00	30413,50	0,00	72588,50	93676,00	114763,50	16104,50	0,00	58279,50	79367,00	100454,50	0,00	0,00	43970,50	65058,00	86145,50	0,00
69	ул. Гагарина, д.22	1999	3168,0	1978	111610,00 12951,00 34038,50	0,00 76213,50 97301,00 118388,50 19729,50	0,00 61904,50	82992,00 104079,50	5420,50	0,00	47595,50	68683,00	89770,50	0,00	0,00	33286,50	54374,00	75461,50	0,00	117636,50	18977,50	40065,00	61152,50	0,00	103327,50	4668,50	25756,00
Итого по Киржачскому району	1994	2903,0	1973 105437,50 6778,50 27866,00 48953,50	0,00 91128,50 112216,00 13557,00 34644,50	0,00	76819,50	97907,00 118994,50	20335,50	0,00	62510,50	83598,00 104685,50	6026,50	0,00	48201,50	69289,00	90376,50	0,00	0,00	33892,50	54980,00	76067,50	0,00	118242,50	19583,50
70	ул. Лесная, д.11	1975	4811,0	1967	0,00 51220,50 72308,00 93395,50	0,00	0,00 36911,50 57999,00 79086,50	0,00	0,00	22602,50	43690,00	64777,50	0,00 106952,50	8293,50	29381,00	50468,50	0,00	92643,50	113731,00	15072,00	36159,50	0,00	78334,50	99422,00	120509,50	21850,50	0,00	64025,50
71	ул. Ленина, д.21	1964	1313,0	1998	68402,50	0,00 110577,50 11918,50 33006,00 54093,50	0,00 96268,50 117356,00 18697,00	39784,50	0,00	81959,50	103047,00	4388,00	25475,50	0,00	67650,50	88738,00	109825,50	11166,50	0,00	53341,50	74429,00	95516,50	0,00	0,00	39032,50	60120,00	81207,50	0,00
72	ул. Советская, д.31	1995	2956,0	1974 106672,00 8013,00 29100,50	0,00 71275,50 92363,00 113450,50 14791,50	0,00 56966,50	78054,00	99141,50	0,00	0,00	42657,50	63745,00	84832,50	0,00	0,00	28348,50	49436,00	70523,50	0,00	112698,50	14039,50	35127,00	56214,50	0,00	98389,50	119477,00	20818,00
73	ул. Московская, д.41	1971	4599,0	1963	0,00 46282,50 67370,00 88457,50	0,00	0,00 31973,50 53061,00 74148,50	0,00 116323,50	17664,50	38752,00	59839,50	0,00 102014,50	3355,50	24443,00	45530,50	0,00	87705,50	108793,00	10134,00	31221,50	0,00	73396,50	94484,00	115571,50	16912,50	0,00	59087,50
74	ул. Октябрьская, д.51	1960	1101,0	1994	63464,50	0,00 105639,50 6980,50 28068,00 49155,50	0,00 91330,50 112418,00 13759,00	34846,50	0,00	77021,50	98109,00	119196,50	20537,50	0,00	62712,50	83800,00	104887,50	6228,50	0,00	48403,50	69491,00	90578,50	0,00	0,00	34094,50	55182,00	76269,50	0,00
75	ул. Школьная, д.1	1991	2744,0	1970 101734,00 3075,00 24162,50	0,00 66337,50 87425,00 108512,50 9853,50	0,00 52028,50	73116,00	94203,50	0,00	0,00	37719,50	58807,00	79894,50	0,00	0,00	23410,50	44498,00	65585,50	0,00	107760,50	9101,50	30189,00	51276,50	0,00	93451,50	114539,00	15880,00
76	ул. Лесная, д.11	1967	4387,0	2001	0,00 41344,50 62432,00 83519,50	0,00	0,00 27035,50 48123,00 69210,50	0,00	111385,50	12726,50	33814,00	54901,50	0,00	97076,50 118164,00	19505,00	40592,50	0,00	82767,50	103855,00	5196,00	26283,50	0,00	68458,50	89546,00	110633,50	11974,50	0,00	54149,50
Итого по Кольчугинскому району	1994	2903,0	1973 105437,50 6778,50 27866,00 48953,50	0,00 91128,50 112216,00 13557,00 34644,50	0,00	76819,50	97907,00 118994,50	20335,50	0,00	62510,50	83598,00 104685,50	6026,50	0,00	48201,50	69289,00	90376,50	0,00	0,00	33892,50	54980,00	76067,50	0,00	118242,50	19583,50
77	ул. Комсомольская, д.60	1998	889,0	1990	58526,50	0,00 100701,50 2042,50 23130,00 44217,50	0,00 86392,50 107480,00 8821,00	29908,50	0,00	72083,50	93171,00	114258,50	15599,50	0,00	57774,50	78862,00	99949,50	0,00	0,00	43465,50	64553,00	85640,50	0,00	0,00	29156,50	50244,00	71331,50	0,00
78	ул. Садовая, д.10	1987	2532,0	1966	96796,00 117883,50 19224,50	0,00 61399,50 82487,00 103574,50 4915,50	0,00 47090,50	68178,00	89265,50	0,00	0,00	32781,50	53869,00	74956,50	0,00 117131,50	18472,50	39560,00	60647,50	0,00	102822,50	4163,50	25251,00	46338,50	0,00	88513,50	109601,00	10942,00
79	ул. Пушкина, д.20	1963	4175,0	1997	0,00 36406,50 57494,00 78581,50	0,00	0,00 22097,50 43185,00 64272,50	0,00 106447,50	7788,50	28876,00	49963,50	0,00	92138,50 113226,00	14567,00	35654,50	0,00	77829,50	98917,00 120004,50	21345,50	0,00	63520,50	84608,00	105695,50	7036,50	0,00	49211,50
80	ул. Заводская, д.30	1994	677,0	1986	53588,50	0,00 95763,50 116851,00 18192,00 39279,50	0,00 81454,50 102542,00 3883,00	24970,50	0,00	67145,50	88233,00	109320,50	10661,50	0,00	52836,50	73924,00	95011,50	0,00	0,00	38527,50	59615,00	80702,50	0,00	0,00	24218,50	45306,00	66393,50	0,00
81	ул. Мира, д.40	1983	2320,0	1962	91858,00 112945,50 14286,50	0,00 56461,50 77549,00 98636,50	0,00	0,00 42152,50	63240,00	84327,50	0,00	0,00	27843,50	48931,00	70018,50	0,00 112193,50	13534,50	34622,00	55709,50	0,00	97884,50	118972,00	20313,00	41400,50	0,00	83575,50	104663,00	6004,00
82	ул. Гагарина, д.50	2014	3963,0	1993	0,00 31468,50 52556,00 73643,50	0,00 115818,50 17159,50 38247,00 59334,50	0,00 101509,50	2850,50	23938,00	45025,50	0,00	87200,50 108288,00	9629,00	30716,50	0,00	72891,50	93979,00 115066,50	16407,50	0,00	58582,50	79670,00	100757,50	0,00	0,00	44273,50
83	ул. Комсомольская, д.60	1990	465,0	1982	48650,50	0,00 90825,50 111913,00 13254,00 34341,50	0,00 76516,50 97604,00 118691,50	20032,50	0,00	62207,50	83295,00	104382,50	5723,50	0,00	47898,50	68986,00	90073,50	0,00	0,00	33589,50	54677,00	75764,50	0,00	117939,50	19280,50	40368,00	61455,50	0,00
84	ул. Садовая, д.10	1979	2108,0	2013	86920,00 108007,50 9348,50	0,00 51523,50 72611,00 93698,50	0,00	0,00 37214,50	58302,00	79389,50	0,00	0,00	22905,50	43993,00	65080,50	0,00 107255,50	8596,50	29684,00	50771,50	0,00	92946,50	114034,00	15375,00	36462,50	0,00	78637,50	99725,00 120812,50
85	ул. Пушкина, д.20	2010	3751,0	1989	0,00 26530,50 47618,00 68705,50	0,00 110880,50 12221,50 33309,00 54396,50	0,00	96571,50 117659,00	19000,00	40087,50	0,00	82262,50 103350,00	4691,00	25778,50	0,00	67953,50	89041,00 110128,50	11469,50	0,00	53644,50	74732,00	95819,50	0,00	0,00	39335,50
Итого по Меленковскому району	1994	2903,0	1973 105437,50 6778,50 27866,00 48953,50	0,00 91128,50 112216,00 13557,00 34644,50	0,00	76819,50	97907,00 118994,50	20335,50	0,00	62510,50	83598,00 104685,50	6026,50	0,00	48201,50	69289,00	90376,50	0,00	0,00	33892,50	54980,00	76067,50	0,00	118242,50	19583,50
86	ул. Советская, д.3	1986	253,0	1978	43712,50	0,00 85887,50 106975,00 8316,00 29403,50	0,00 71578,50 92666,00 113753,50	15094,50	0,00	57269,50	78357,00	99444,50	0,00	0,00	42960,50	64048,00	85135,50	0,00	0,00	28651,50	49739,00	70826,50	0,00	113001,50	14342,50	35430,00	56517,50	0,00
87	ул. Московская, д.13	1975	1896,0	2009	81982,00 103069,50 4410,50	0,00 46585,50 67673,00 88760,50	0,00	0,00 32276,50	53364,00	74451,50	0,00	116626,50	17967,50	39055,00	60142,50	0,00 102317,50	3658,50	24746,00	45833,50	0,00	88008,50	109096,00	10437,00	31524,50	0,00	73699,50	94787,00 115874,50
88	ул. Октябрьская, д.23	2006	3539,0	1985	0,00 21592,50 42680,00 63767,50	0,00 105942,50 7283,50 28371,00 49458,50	0,00	91633,50 112721,00	14062,00	35149,50	0,00	77324,50	98412,00 119499,50	20840,50	0,00	63015,50	84103,00 105190,50	6531,50	0,00	48706,50	69794,00	90881,50	0,00	0,00	34397,50
89	ул. Школьная, д.33	1982	5182,0	1974	38774,50	0,00 80949,50 102037,00 3378,00 24465,50	0,00 66640,50 87728,00 108815,50	10156,50	0,00	52331,50	73419,00	94506,50	0,00	0,00	38022,50	59110,00	80197,50	0,00	0,00	23713,50	44801,00	65888,50	0,00	108063,50	9404,50	30492,00	51579,50	0,00
90	ул. Лесная, д.43	1971	1684,0	2005	77044,00 98131,50	0,00	0,00 41647,50 62735,00 83822,50	0,00	0,00 27338,50	48426,00	69513,50	0,00	111688,50	13029,50	34117,00	55204,50	0,00	97379,50	118467,00	19808,00	40895,50	0,00	83070,50	104158,00	5499,00	26586,50	0,00	68761,50	89849,00 110936,50
91	ул. Ленина, д.53	2002	3327,0	1981 115313,50 16654,50 37742,00 58829,50	0,00 101004,50 2345,50 23433,00 44520,50	0,00	86695,50 107783,00	9124,00	30211,50	0,00	72386,50	93474,00 114561,50	15902,50	0,00	58077,50	79165,00 100252,50	0,00	0,00	43768,50	64856,00	85943,50	0,00	0,00	29459,50
Итого по Муромскому району	1994	2903,0	1973 105437,50 6778,50 27866,00 48953,50	0,00 91128,50 112216,00 13557,00 34644,50	0,00	76819,50	97907,00 118994,50	20335,50	0,00	62510,50	83598,00 104685,50	6026,50	0,00	48201,50	69289,00	90376,50	0,00	0,00	33892,50	54980,00	76067,50	0,00	118242,50	19583,50
92	ул. Школьная, д.45	1978	4970,0	1970	33836,50	0,00 76011,50 97099,00 118186,50 19527,50	0,00 61702,50 82790,00 103877,50	5218,50	0,00	47393,50	68481,00	89568,50	0,00	0,00	33084,50	54172,00	75259,50	0,00	117434,50	18775,50	39863,00	60950,50	0,00	103125,50	4466,50	25554,00	46641,50	0,00
93	ул. Лесная, д.55	1967	1472,0	2001	72106,00 93193,50	0,00	0,00 36709,50 57797,00 78884,50	0,00	0,00 22400,50	43488,00	64575,50	0,00	106750,50	8091,50	29179,00	50266,50	0,00	92441,50	113529,00	14870,00	35957,50	0,00	78132,50	99220,00	120307,50	21648,50	0,00	63823,50	84911,00 105998,50
94	ул. Ленина, д.5	1998	3115,0	1977 110375,50 11716,50 32804,00 53891,50	0,00 96066,50 117154,00 18495,00 39582,50	0,00	81757,50 102845,00	4186,00	25273,50	0,00	67448,50	88536,00 109623,50	10964,50	0,00	53139,50	74227,00	95314,50	0,00	0,00	38830,50	59918,00	81005,50	0,00	0,00	24521,50
95	ул. Советская, д.15	1974	4758,0	1966	28898,50	0,00 71073,50 92161,00 113248,50 14589,50	0,00 56764,50 77852,00 98939,50	0,00	0,00	42455,50	63543,00	84630,50	0,00	0,00	28146,50	49234,00	70321,50	0,00	112496,50	13837,50	34925,00	56012,50	0,00	98187,50	119275,00	20616,00	41703,50	0,00
96	ул. Московская, д.25	1963	1260,0	1997	67168,00 88255,50	0,00	0,00 31771,50 52859,00 73946,50	0,00 116121,50 17462,50	38550,00	59637,50	0,00	101812,50	3153,50	24241,00	45328,50	0,00	87503,50	108591,00	9932,00	31019,50	0,00	73194,50	94282,00	115369,50	16710,50	0,00	58885,50	79973,00 101060,50
